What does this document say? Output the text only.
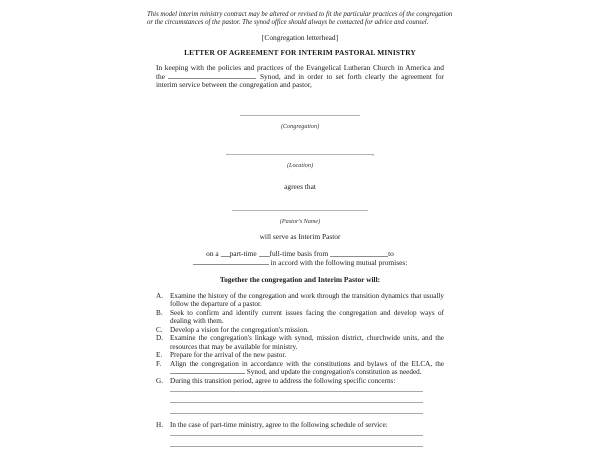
This model interim ministry contract may be altered or revised to fit the particular practices of the congregation or the circumstances of the pastor. The synod office should always be contacted for advice and counsel.

[Congregation letterhead]
LETTER OF AGREEMENT FOR INTERIM PASTORAL MINISTRY

In keeping with the policies and practices of the Evangelical Lutheran Church in America and the	Synod, and in order to set forth clearly the agreement for interim service between the congregation and pastor,

(Congregation)
,
(Location)
agrees that
(Pastor's Name)
will serve as Interim Pastor
on a part-time full-time basis from	to
in accord with the following mutual promises:
Together the congregation and Interim Pastor will:
A. Examine the history of the congregation and work through the transition dynamics that usually follow the departure of a pastor.
B.	Seek to confirm and identify current issues facing the congregation and develop ways of dealing with them.
C.	Develop a vision for the congregation's mission.
D. Examine the congregation's linkage with synod, mission district, churchwide units, and the resources that may be available for ministry.
E.	Prepare for the arrival of the new pastor.
F.	Align the congregation in accordance with the constitutions and bylaws of the ELCA, the  Synod, and update the congregation's constitution as needed.
G. During this transition period, agree to address the following specific concerns:
H. In the case of part-time ministry, agree to the following schedule of service:
